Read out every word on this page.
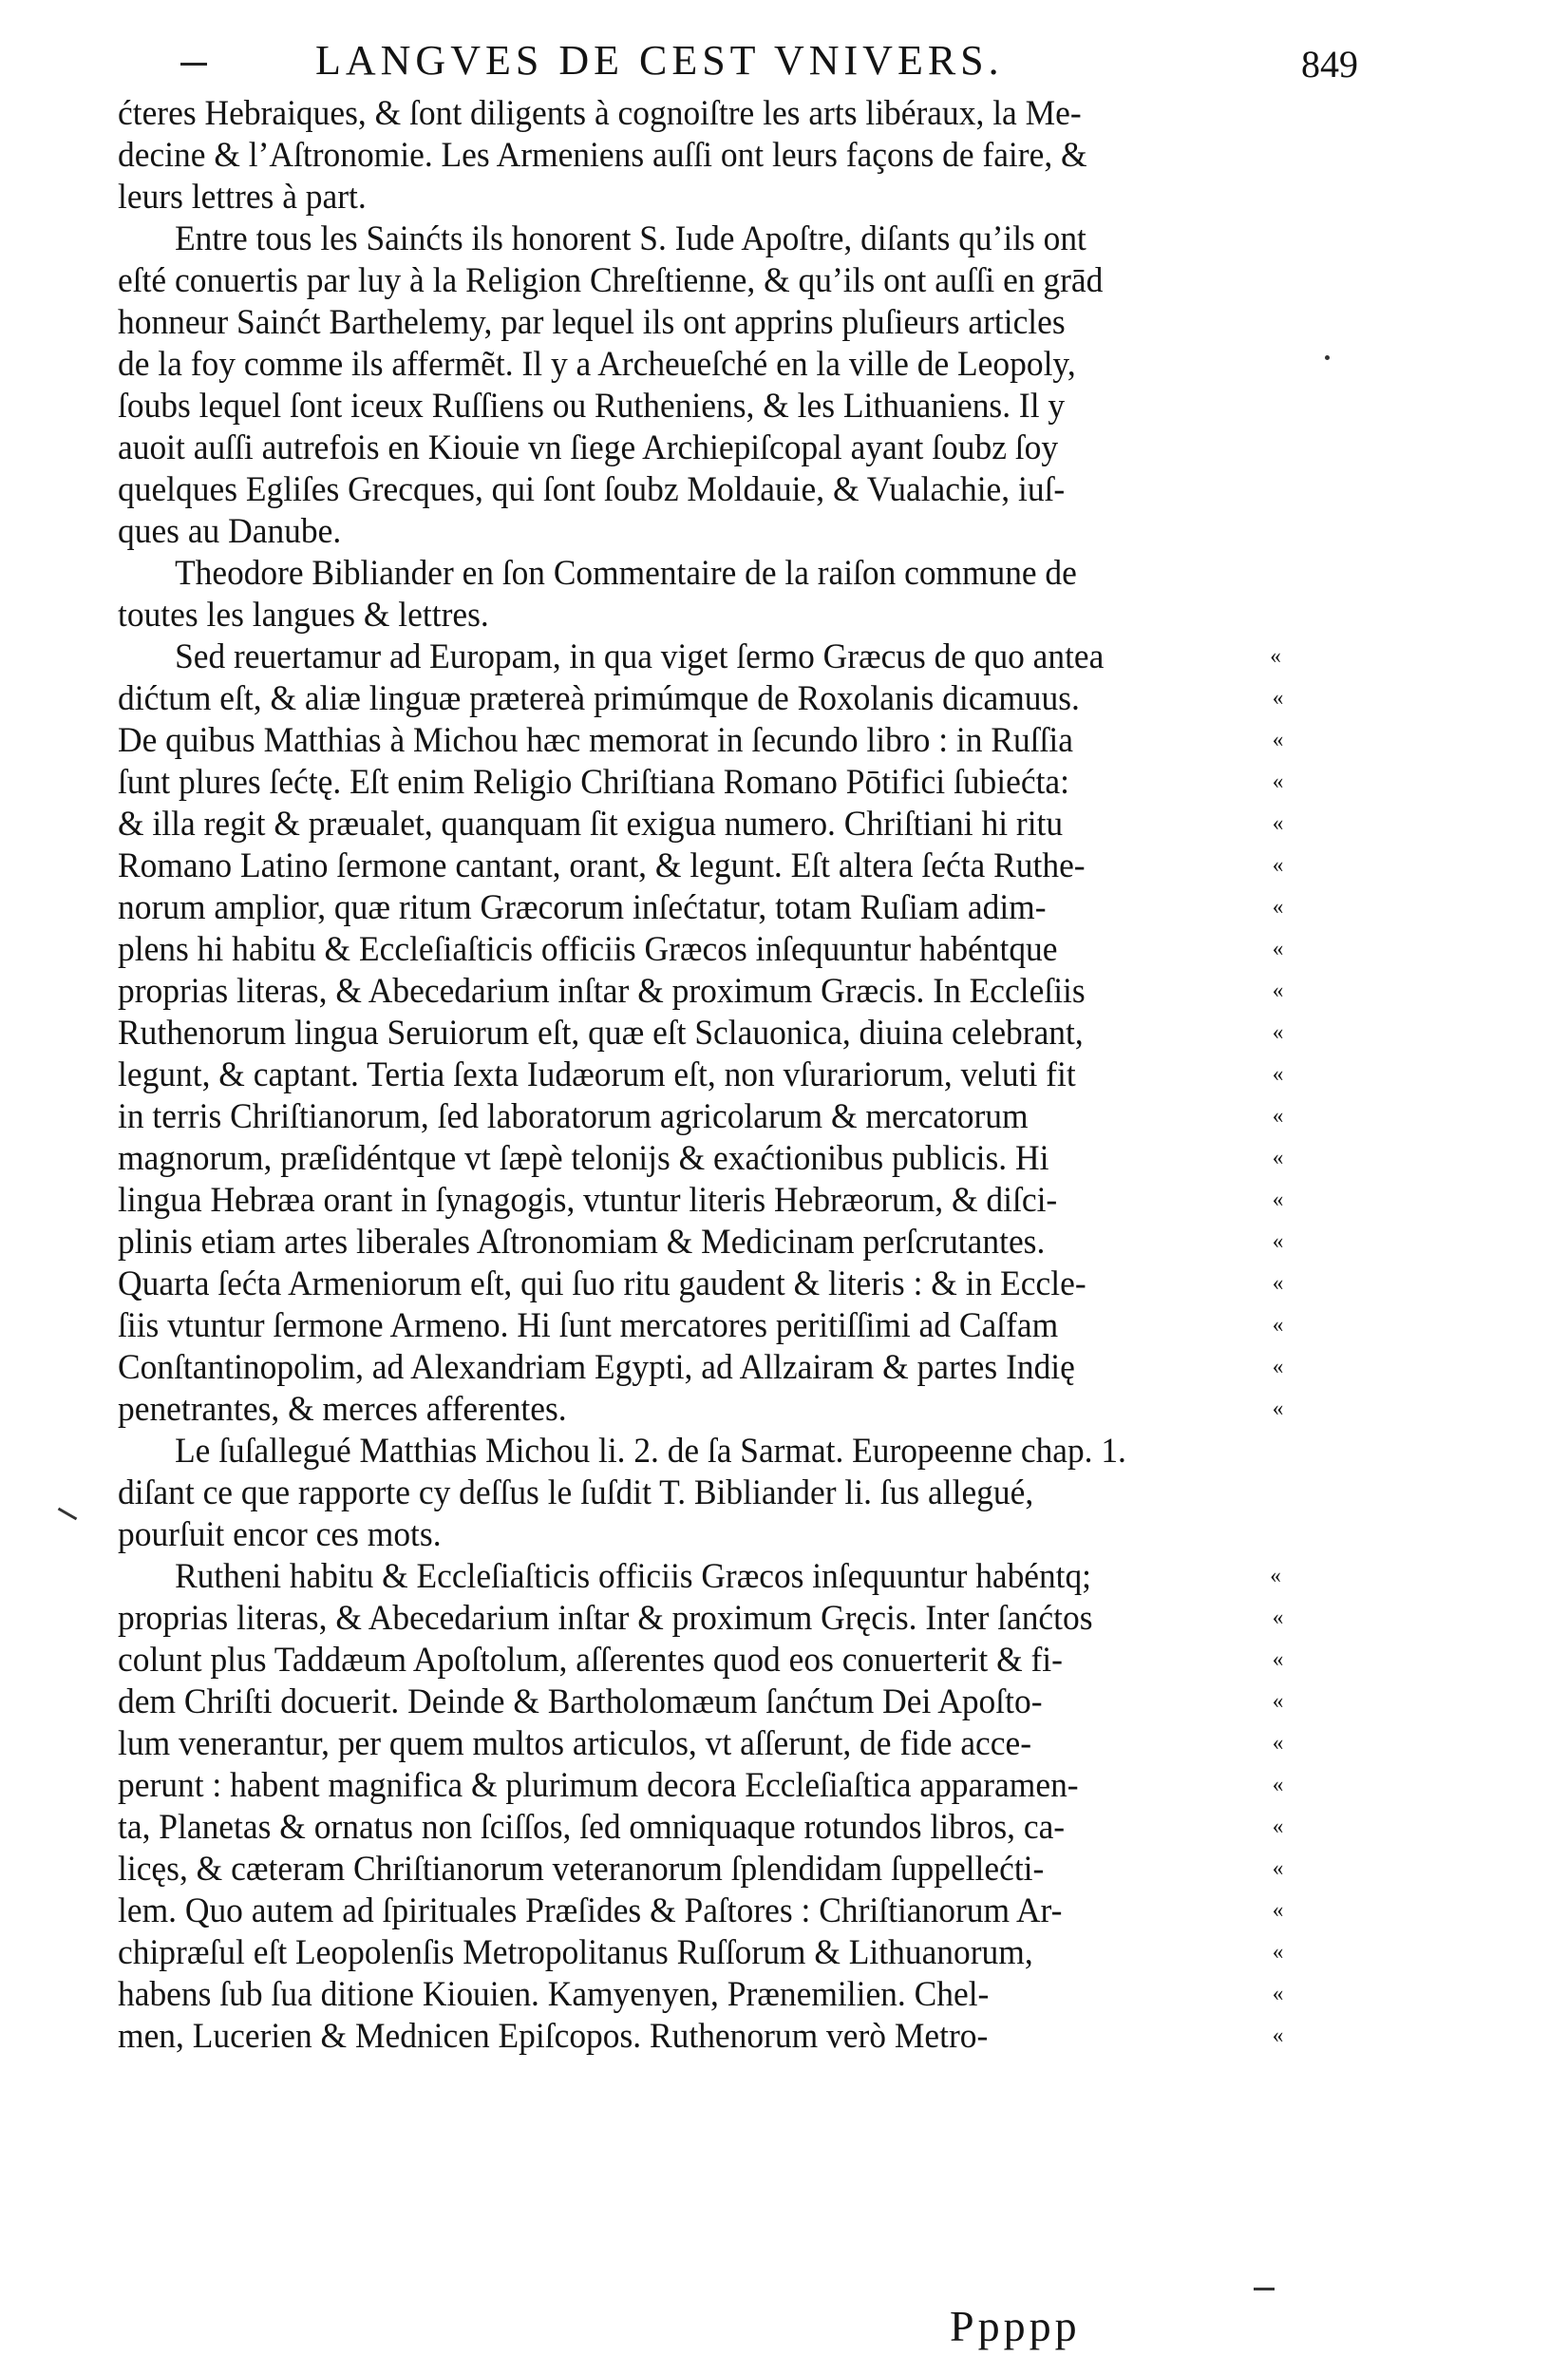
LANGVES DE CEST VNIVERS.	849
ćteres Hebraiques, & ſont diligents à cognoiſtre les arts libéraux, la Me-
decine & l’Aſtronomie. Les Armeniens auſſi ont leurs façons de faire, &
leurs lettres à part.
Entre tous les Sainćts ils honorent S. Iude Apoſtre, diſants qu’ils ont
eſté conuertis par luy à la Religion Chreſtienne, & qu’ils ont auſſi en grād
honneur Sainćt Barthelemy, par lequel ils ont apprins pluſieurs articles
de la foy comme ils affermẽt. Il y a Archeueſché en la ville de Leopoly,
ſoubs lequel ſont iceux Ruſſiens ou Rutheniens, & les Lithuaniens. Il y
auoit auſſi autrefois en Kiouie vn ſiege Archiepiſcopal ayant ſoubz ſoy
quelques Egliſes Grecques, qui ſont ſoubz Moldauie, & Vualachie, iuſ-
ques au Danube.
Theodore Bibliander en ſon Commentaire de la raiſon commune de
toutes les langues & lettres.
Sed reuertamur ad Europam, in qua viget ſermo Græcus de quo antea «
dićtum eſt, & aliæ linguæ prætereà primúmque de Roxolanis dicamuus. «
De quibus Matthias à Michou hæc memorat in ſecundo libro : in Ruſſia «
ſunt plures ſećtę. Eſt enim Religio Chriſtiana Romano Pōtifici ſubiećta: «
& illa regit & præualet, quanquam ſit exigua numero. Chriſtiani hi ritu «
Romano Latino ſermone cantant, orant, & legunt. Eſt altera ſećta Ruthe- «
norum amplior, quæ ritum Græcorum inſećtatur, totam Ruſiam adim- «
plens hi habitu & Eccleſiaſticis officiis Græcos inſequuntur habéntque «
proprias literas, & Abecedarium inſtar & proximum Græcis. In Eccleſiis «
Ruthenorum lingua Seruiorum eſt, quæ eſt Sclauonica, diuina celebrant, «
legunt, & captant. Tertia ſexta Iudæorum eſt, non vſurariorum, veluti fit «
in terris Chriſtianorum, ſed laboratorum agricolarum & mercatorum «
magnorum, præſidéntque vt ſæpè telonijs & exaćtionibus publicis. Hi «
lingua Hebræa orant in ſynagogis, vtuntur literis Hebræorum, & diſci- «
plinis etiam artes liberales Aſtronomiam & Medicinam perſcrutantes. «
Quarta ſećta Armeniorum eſt, qui ſuo ritu gaudent & literis : & in Eccle- «
ſiis vtuntur ſermone Armeno. Hi ſunt mercatores peritiſſimi ad Caſfam «
Conſtantinopolim, ad Alexandriam Egypti, ad Allzairam & partes Indię «
penetrantes, & merces afferentes. «
Le ſuſallegué Matthias Michou li. 2. de ſa Sarmat. Europeenne chap. 1.
diſant ce que rapporte cy deſſus le ſuſdit T. Bibliander li. ſus allegué,
pourſuit encor ces mots.
Rutheni habitu & Eccleſiaſticis officiis Græcos inſequuntur habéntq; «
proprias literas, & Abecedarium inſtar & proximum Gręcis. Inter ſanćtos «
colunt plus Taddæum Apoſtolum, aſſerentes quod eos conuerterit & fi- «
dem Chriſti docuerit. Deinde & Bartholomæum ſanćtum Dei Apoſto- «
lum venerantur, per quem multos articulos, vt aſſerunt, de fide acce- «
perunt : habent magnifica & plurimum decora Eccleſiaſtica apparamen- «
ta, Planetas & ornatus non ſciſſos, ſed omniquaque rotundos libros, ca- «
licęs, & cæteram Chriſtianorum veteranorum ſplendidam ſuppellećti- «
lem. Quo autem ad ſpirituales Præſides & Paſtores : Chriſtianorum Ar- «
chipræſul eſt Leopolenſis Metropolitanus Ruſſorum & Lithuanorum, «
habens ſub ſua ditione Kiouien. Kamyenyen, Prænemilien. Chel- «
men, Lucerien & Mednicen Epiſcopos. Ruthenorum verò Metro- «
Ppppp
